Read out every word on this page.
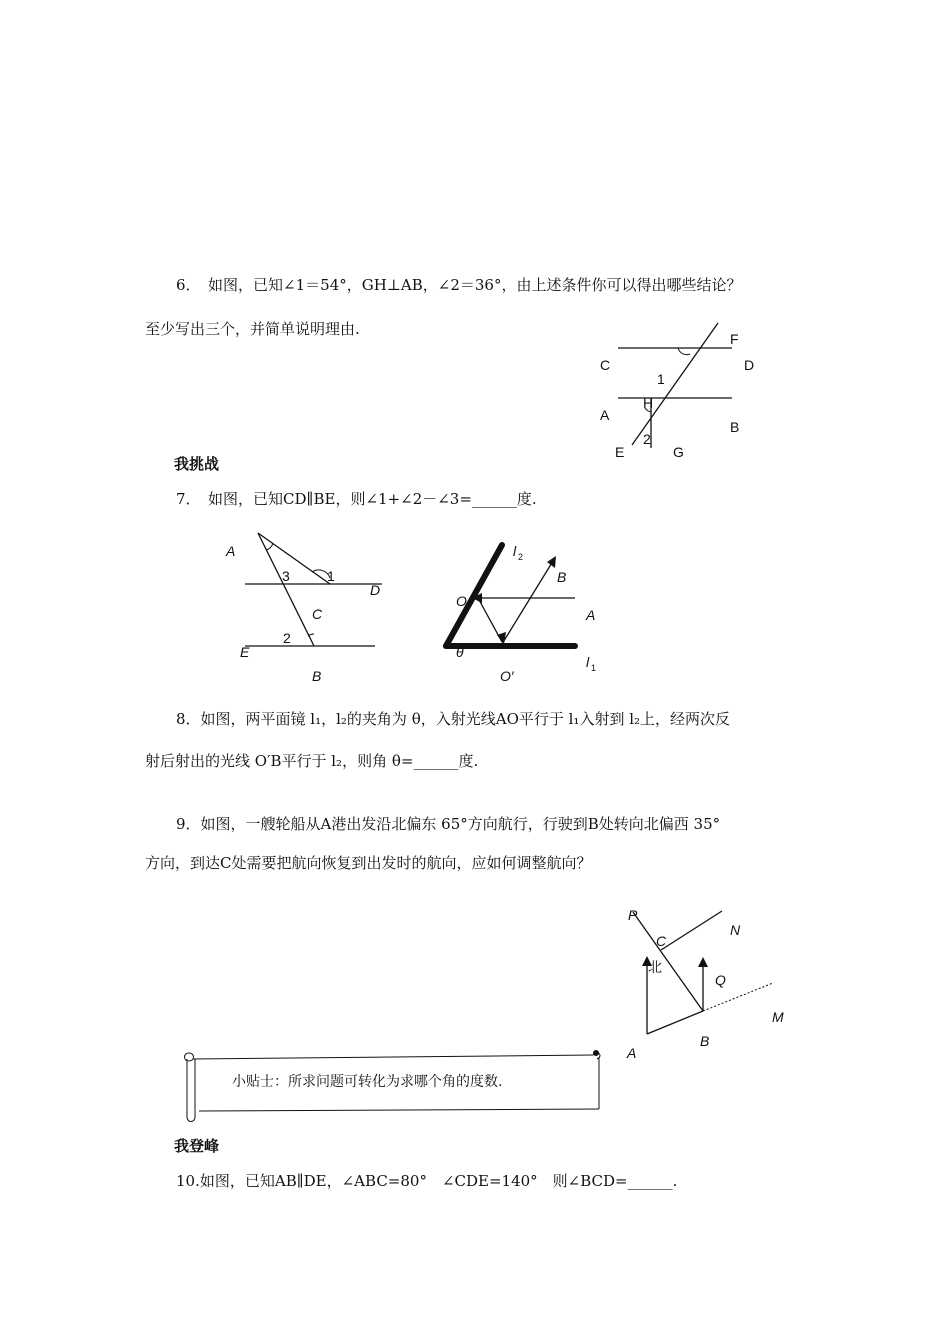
6．　如图，已知∠1＝54°，GH⊥AB，∠2＝36°，由上述条件你可以得出哪些结论？
至少写出三个，并简单说明理由.
C	D
F
1
A
H
B
E
2
G
我挑战
7．　如图，已知CD∥BE，则∠1+∠2－∠3=______度.
A
3	1
D
C
2
E
B
l 2
B
O
A
θ
l 1
O′
8．如图，两平面镜 l₁，l₂的夹角为 θ，入射光线AO平行于 l₁入射到 l₂上，经两次反
射后射出的光线 O′B平行于 l₂，则角 θ=______度.
9．如图，一艘轮船从A港出发沿北偏东 65°方向航行，行驶到B处转向北偏西 35°
方向，到达C处需要把航向恢复到出发时的航向，应如何调整航向？
P
N
C
北
Q
M
A
B
小贴士：所求问题可转化为求哪个角的度数.
我登峰
10.如图，已知AB∥DE，∠ABC=80°　∠CDE=140°　则∠BCD=______.
